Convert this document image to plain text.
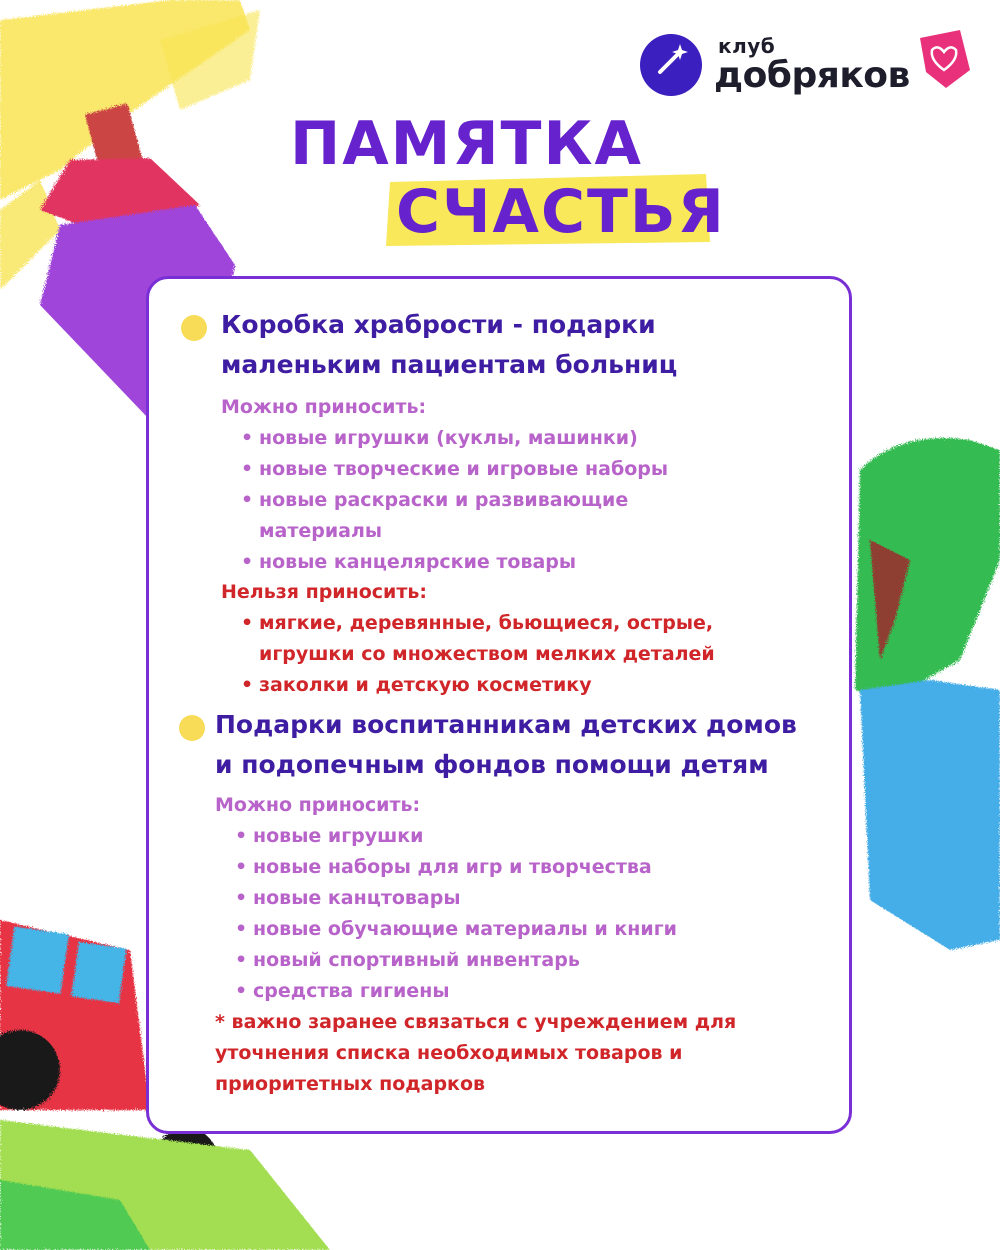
клуб
добряков
ПАМЯТКА
СЧАСТЬЯ
Коробка храбрости - подарки
маленьким пациентам больниц
Можно приносить:
• новые игрушки (куклы, машинки)
• новые творческие и игровые наборы
• новые раскраски и развивающие
материалы
• новые канцелярские товары
Нельзя приносить:
• мягкие, деревянные, бьющиеся, острые,
игрушки со множеством мелких деталей
• заколки и детскую косметику
Подарки воспитанникам детских домов
и подопечным фондов помощи детям
Можно приносить:
• новые игрушки
• новые наборы для игр и творчества
• новые канцтовары
• новые обучающие материалы и книги
• новый спортивный инвентарь
• средства гигиены
* важно заранее связаться с учреждением для
уточнения списка необходимых товаров и
приоритетных подарков
